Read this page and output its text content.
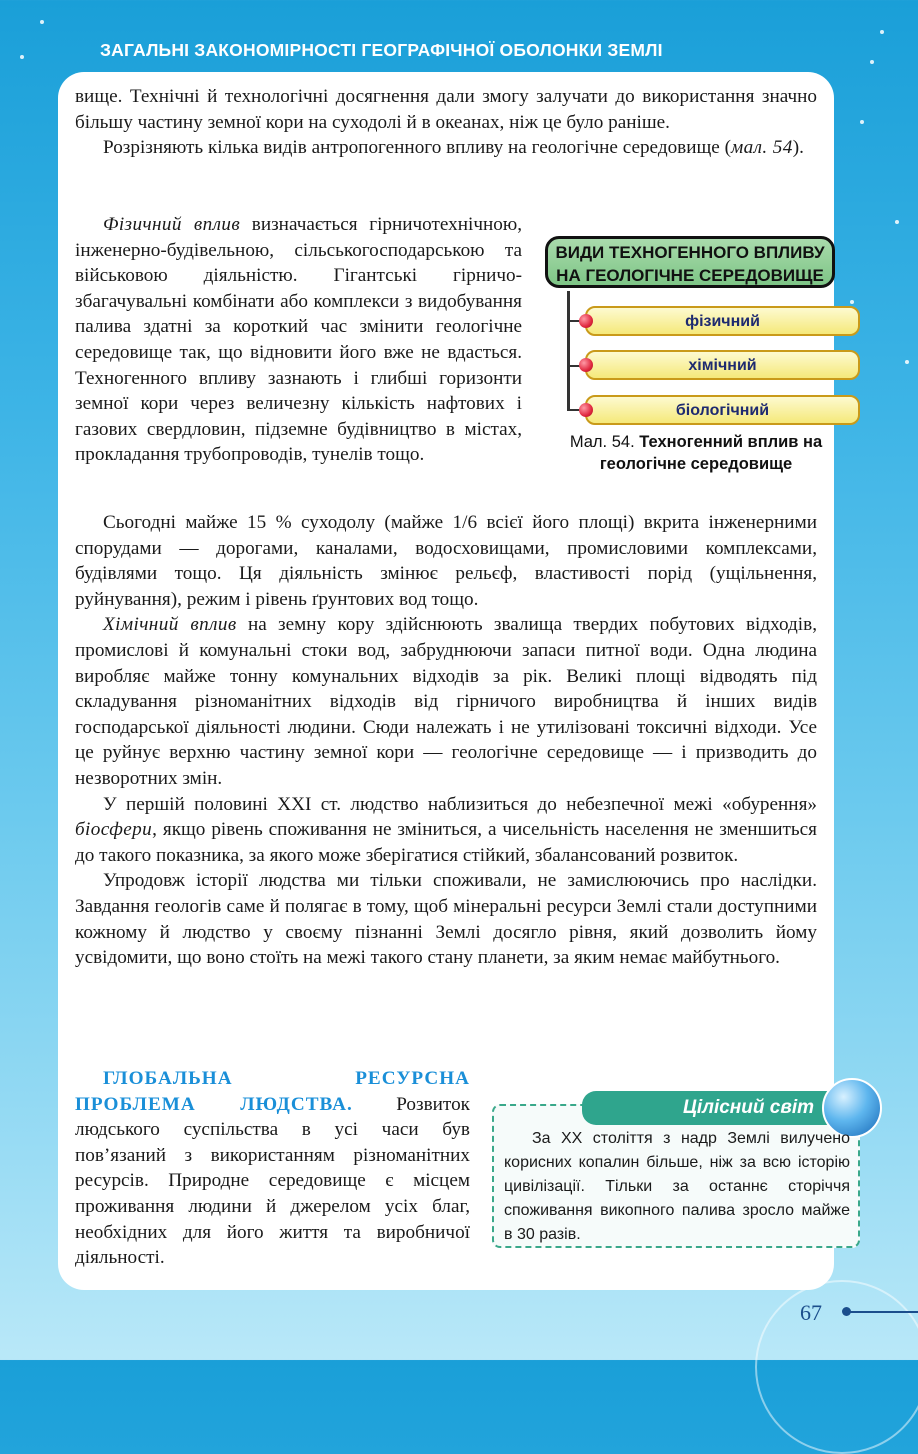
ЗАГАЛЬНІ ЗАКОНОМІРНОСТІ ГЕОГРАФІЧНОЇ ОБОЛОНКИ ЗЕМЛІ

вище. Технічні й технологічні досягнення дали змогу залучати до використання значно більшу частину земної кори на суходолі й в океанах, ніж це було раніше.

Розрізняють кілька видів антропогенного впливу на геологічне середовище (мал. 54).

Фізичний вплив визначається гірничотехнічною, інженерно-будівельною, сільськогосподарською та військовою діяльністю. Гігантські гірничо-збагачувальні комбінати або комплекси з видобування палива здатні за короткий час змінити геологічне середовище так, що відновити його вже не вдасться. Техногенного впливу зазнають і глибші горизонти земної кори через величезну кількість нафтових і газових свердловин, підземне будівництво в містах, прокладання трубопроводів, тунелів тощо.

ВИДИ ТЕХНОГЕННОГО ВПЛИВУ
НА ГЕОЛОГІЧНЕ СЕРЕДОВИЩЕ
фізичний
хімічний
біологічний
Мал. 54. Техногенний вплив на геологічне середовище

Сьогодні майже 15 % суходолу (майже 1/6 всієї його площі) вкрита інженерними спорудами — дорогами, каналами, водосховищами, промисловими комплексами, будівлями тощо. Ця діяльність змінює рельєф, властивості порід (ущільнення, руйнування), режим і рівень ґрунтових вод тощо.

Хімічний вплив на земну кору здійснюють звалища твердих побутових відходів, промислові й комунальні стоки вод, забруднюючи запаси питної води. Одна людина виробляє майже тонну комунальних відходів за рік. Великі площі відводять під складування різноманітних відходів від гірничого виробництва й інших видів господарської діяльності людини. Сюди належать і не утилізовані токсичні відходи. Усе це руйнує верхню частину земної кори — геологічне середовище — і призводить до незворотних змін.

У першій половині XXI ст. людство наблизиться до небезпечної межі «обурення» біосфери, якщо рівень споживання не зміниться, а чисельність населення не зменшиться до такого показника, за якого може зберігатися стійкий, збалансований розвиток.

Упродовж історії людства ми тільки споживали, не замислюючись про наслідки. Завдання геологів саме й полягає в тому, щоб мінеральні ресурси Землі стали доступними кожному й людство у своєму пізнанні Землі досягло рівня, який дозволить йому усвідомити, що воно стоїть на межі такого стану планети, за яким немає майбутнього.

ГЛОБАЛЬНА РЕСУРСНА ПРОБЛЕМА ЛЮДСТВА. Розвиток людського суспільства в усі часи був пов’язаний з використанням різноманітних ресурсів. Природне середовище є місцем проживання людини й джерелом усіх благ, необхідних для його життя та виробничої діяльності.

Цілісний світ

За XX століття з надр Землі вилучено корисних копалин більше, ніж за всю історію цивілізації. Тільки за останнє сторіччя споживання викопного палива зросло майже в 30 разів.

67
